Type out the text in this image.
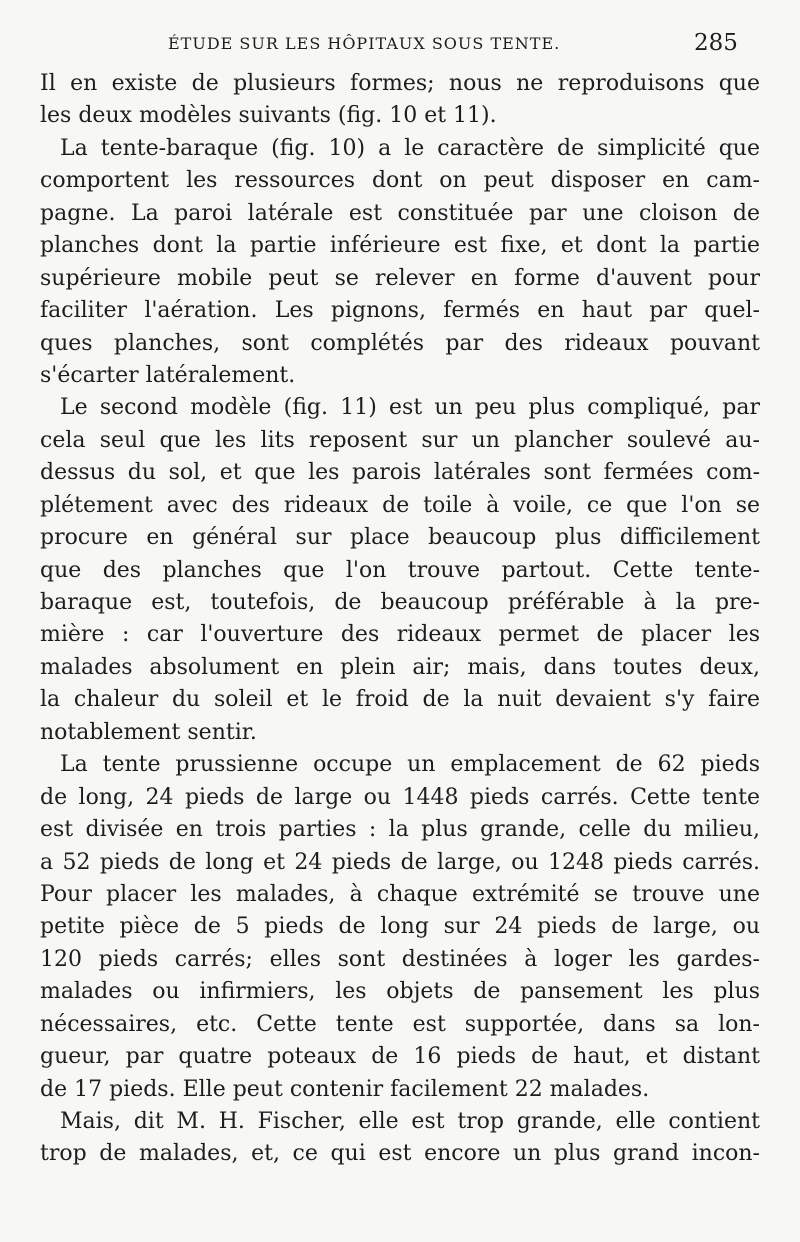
ÉTUDE SUR LES HÔPITAUX SOUS TENTE.	285
Il en existe de plusieurs formes; nous ne reproduisons que
les deux modèles suivants (fig. 10 et 11).
La tente-baraque (fig. 10) a le caractère de simplicité que
comportent les ressources dont on peut disposer en cam-
pagne. La paroi latérale est constituée par une cloison de
planches dont la partie inférieure est fixe, et dont la partie
supérieure mobile peut se relever en forme d'auvent pour
faciliter l'aération. Les pignons, fermés en haut par quel-
ques planches, sont complétés par des rideaux pouvant
s'écarter latéralement.
Le second modèle (fig. 11) est un peu plus compliqué, par
cela seul que les lits reposent sur un plancher soulevé au-
dessus du sol, et que les parois latérales sont fermées com-
plétement avec des rideaux de toile à voile, ce que l'on se
procure en général sur place beaucoup plus difficilement
que des planches que l'on trouve partout. Cette tente-
baraque est, toutefois, de beaucoup préférable à la pre-
mière : car l'ouverture des rideaux permet de placer les
malades absolument en plein air; mais, dans toutes deux,
la chaleur du soleil et le froid de la nuit devaient s'y faire
notablement sentir.
La tente prussienne occupe un emplacement de 62 pieds
de long, 24 pieds de large ou 1448 pieds carrés. Cette tente
est divisée en trois parties : la plus grande, celle du milieu,
a 52 pieds de long et 24 pieds de large, ou 1248 pieds carrés.
Pour placer les malades, à chaque extrémité se trouve une
petite pièce de 5 pieds de long sur 24 pieds de large, ou
120 pieds carrés; elles sont destinées à loger les gardes-
malades ou infirmiers, les objets de pansement les plus
nécessaires, etc. Cette tente est supportée, dans sa lon-
gueur, par quatre poteaux de 16 pieds de haut, et distant
de 17 pieds. Elle peut contenir facilement 22 malades.
Mais, dit M. H. Fischer, elle est trop grande, elle contient
trop de malades, et, ce qui est encore un plus grand incon-
